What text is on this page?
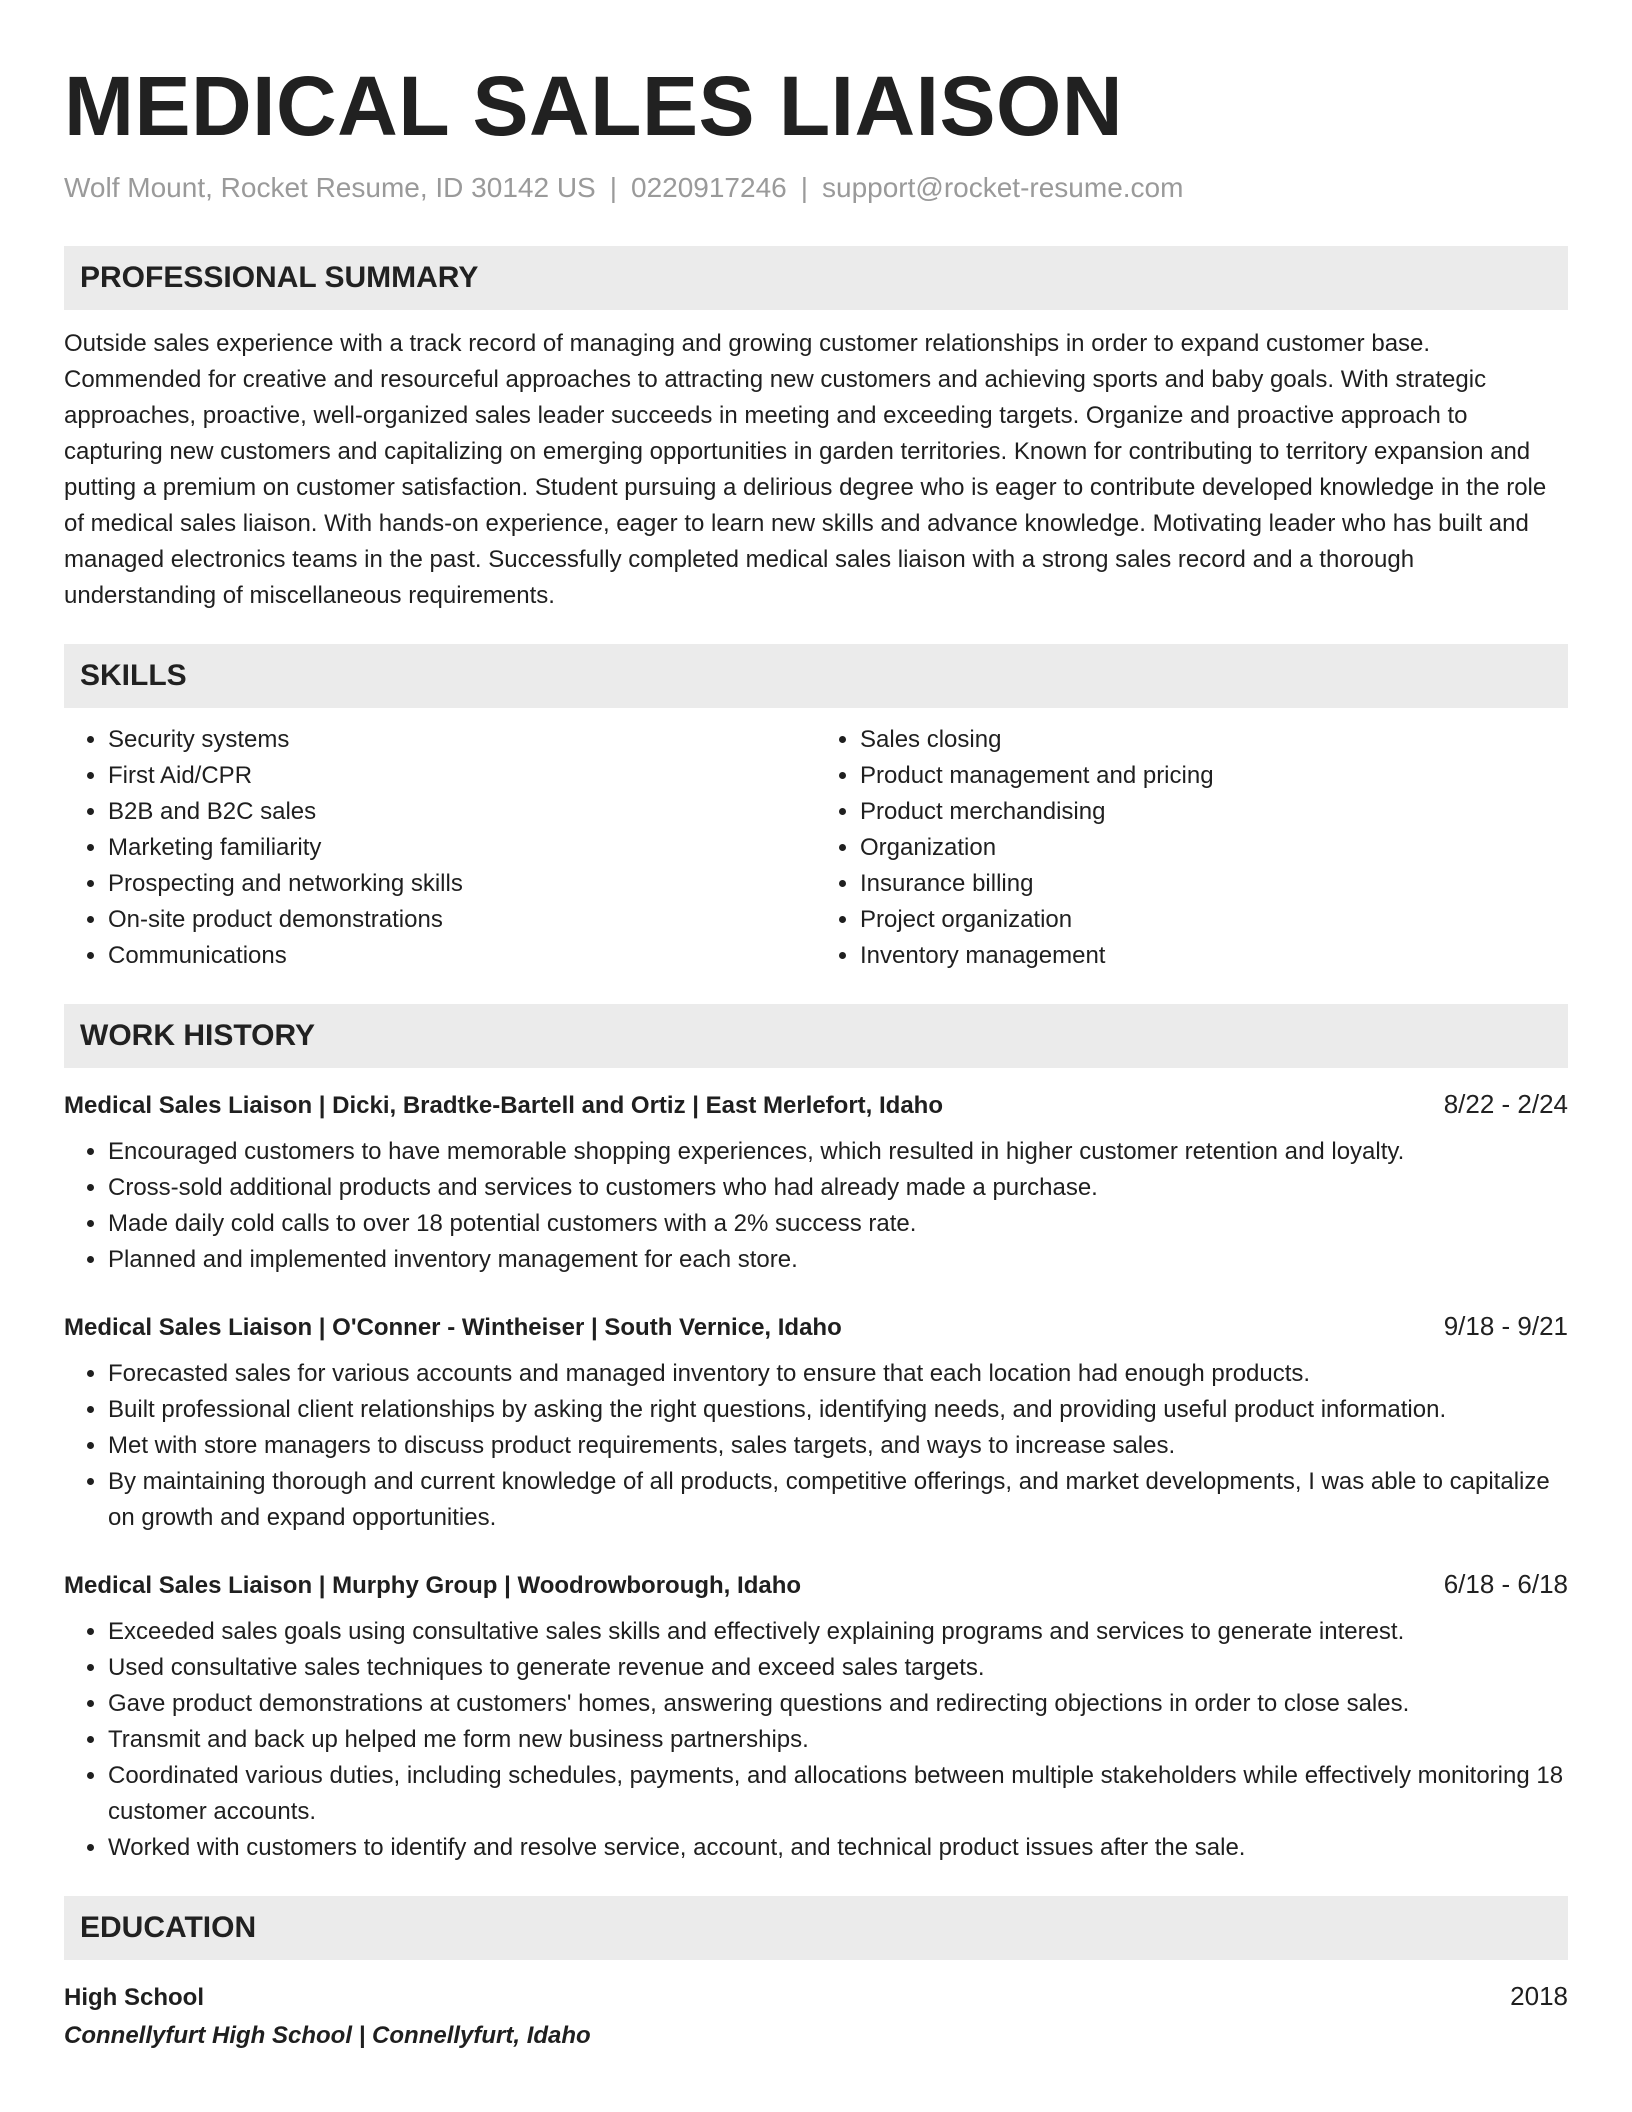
MEDICAL SALES LIAISON
Wolf Mount, Rocket Resume, ID 30142 US | 0220917246 | support@rocket-resume.com
PROFESSIONAL SUMMARY
Outside sales experience with a track record of managing and growing customer relationships in order to expand customer base. Commended for creative and resourceful approaches to attracting new customers and achieving sports and baby goals. With strategic approaches, proactive, well-organized sales leader succeeds in meeting and exceeding targets. Organize and proactive approach to capturing new customers and capitalizing on emerging opportunities in garden territories. Known for contributing to territory expansion and putting a premium on customer satisfaction. Student pursuing a delirious degree who is eager to contribute developed knowledge in the role of medical sales liaison. With hands-on experience, eager to learn new skills and advance knowledge. Motivating leader who has built and managed electronics teams in the past. Successfully completed medical sales liaison with a strong sales record and a thorough understanding of miscellaneous requirements.
SKILLS
• Security systems
• First Aid/CPR
• B2B and B2C sales
• Marketing familiarity
• Prospecting and networking skills
• On-site product demonstrations
• Communications
• Sales closing
• Product management and pricing
• Product merchandising
• Organization
• Insurance billing
• Project organization
• Inventory management
WORK HISTORY
Medical Sales Liaison | Dicki, Bradtke-Bartell and Ortiz | East Merlefort, Idaho	8/22 - 2/24
• Encouraged customers to have memorable shopping experiences, which resulted in higher customer retention and loyalty.
• Cross-sold additional products and services to customers who had already made a purchase.
• Made daily cold calls to over 18 potential customers with a 2% success rate.
• Planned and implemented inventory management for each store.
Medical Sales Liaison | O'Conner - Wintheiser | South Vernice, Idaho	9/18 - 9/21
• Forecasted sales for various accounts and managed inventory to ensure that each location had enough products.
• Built professional client relationships by asking the right questions, identifying needs, and providing useful product information.
• Met with store managers to discuss product requirements, sales targets, and ways to increase sales.
• By maintaining thorough and current knowledge of all products, competitive offerings, and market developments, I was able to capitalize on growth and expand opportunities.
Medical Sales Liaison | Murphy Group | Woodrowborough, Idaho	6/18 - 6/18
• Exceeded sales goals using consultative sales skills and effectively explaining programs and services to generate interest.
• Used consultative sales techniques to generate revenue and exceed sales targets.
• Gave product demonstrations at customers' homes, answering questions and redirecting objections in order to close sales.
• Transmit and back up helped me form new business partnerships.
• Coordinated various duties, including schedules, payments, and allocations between multiple stakeholders while effectively monitoring 18 customer accounts.
• Worked with customers to identify and resolve service, account, and technical product issues after the sale.
EDUCATION
High School	2018
Connellyfurt High School | Connellyfurt, Idaho
